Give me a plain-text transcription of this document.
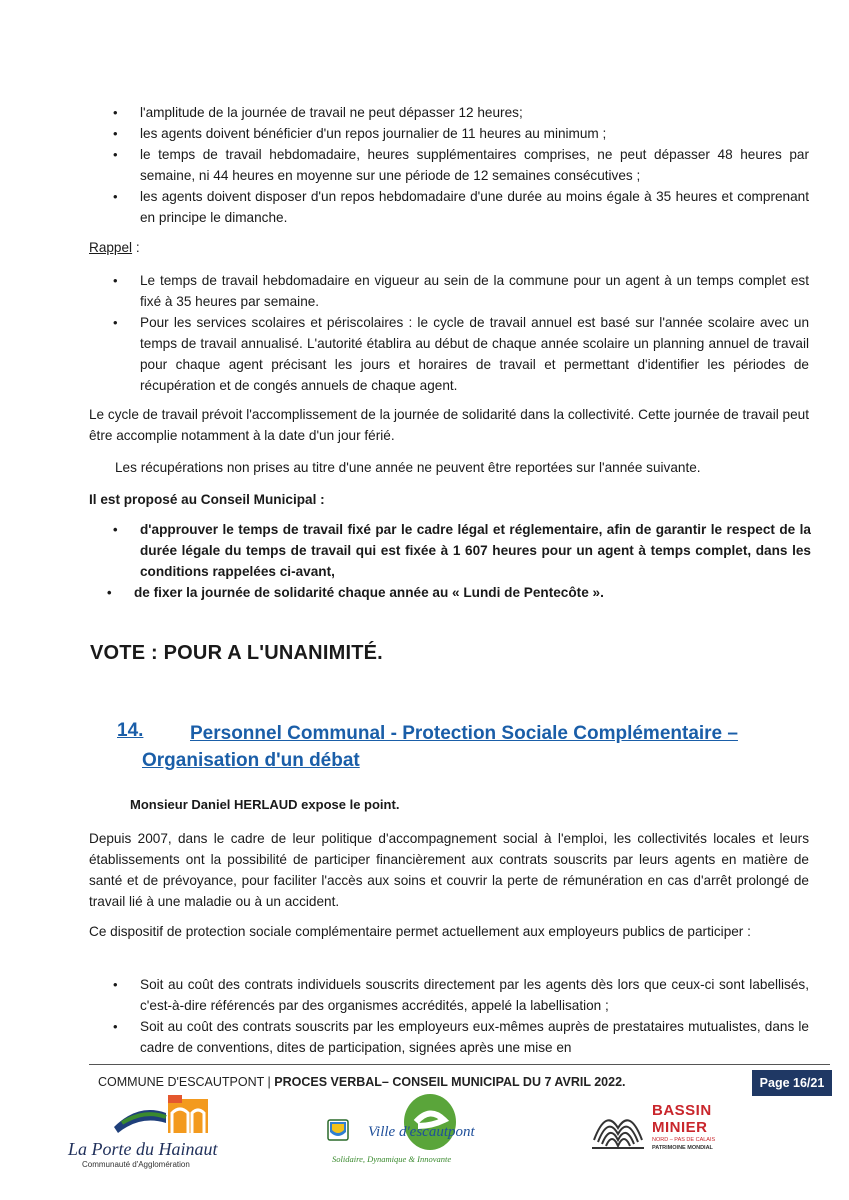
• l'amplitude de la journée de travail ne peut dépasser 12 heures;
• les agents doivent bénéficier d'un repos journalier de 11 heures au minimum ;
• le temps de travail hebdomadaire, heures supplémentaires comprises, ne peut dépasser 48 heures par semaine, ni 44 heures en moyenne sur une période de 12 semaines consécutives ;
• les agents doivent disposer d'un repos hebdomadaire d'une durée au moins égale à 35 heures et comprenant en principe le dimanche.
Rappel :
• Le temps de travail hebdomadaire en vigueur au sein de la commune pour un agent à un temps complet est fixé à 35 heures par semaine.
• Pour les services scolaires et périscolaires : le cycle de travail annuel est basé sur l'année scolaire avec un temps de travail annualisé. L'autorité établira au début de chaque année scolaire un planning annuel de travail pour chaque agent précisant les jours et horaires de travail et permettant d'identifier les périodes de récupération et de congés annuels de chaque agent.

Le cycle de travail prévoit l'accomplissement de la journée de solidarité dans la collectivité. Cette journée de travail peut être accomplie notamment à la date d'un jour férié.

Les récupérations non prises au titre d'une année ne peuvent être reportées sur l'année suivante.

Il est proposé au Conseil Municipal :

• d'approuver le temps de travail fixé par le cadre légal et réglementaire, afin de garantir le respect de la durée légale du temps de travail qui est fixée à 1 607 heures pour un agent à temps complet, dans les conditions rappelées ci-avant,
• de fixer la journée de solidarité chaque année au « Lundi de Pentecôte ».
VOTE : POUR A L'UNANIMITÉ.
14.	Personnel Communal - Protection Sociale Complémentaire –
Organisation d'un débat
Monsieur Daniel HERLAUD expose le point.

Depuis 2007, dans le cadre de leur politique d'accompagnement social à l'emploi, les collectivités locales et leurs établissements ont la possibilité de participer financièrement aux contrats souscrits par leurs agents en matière de santé et de prévoyance, pour faciliter l'accès aux soins et couvrir la perte de rémunération en cas d'arrêt prolongé de travail lié à une maladie ou à un accident.

Ce dispositif de protection sociale complémentaire permet actuellement aux employeurs publics de participer :

• Soit au coût des contrats individuels souscrits directement par les agents dès lors que ceux-ci sont labellisés, c'est-à-dire référencés par des organismes accrédités, appelé la labellisation ;
• Soit au coût des contrats souscrits par les employeurs eux-mêmes auprès de prestataires mutualistes, dans le cadre de conventions, dites de participation, signées après une mise en
COMMUNE D'ESCAUTPONT | PROCES VERBAL– CONSEIL MUNICIPAL DU 7 AVRIL 2022.	Page 16/21
La Porte du Hainaut
Communauté d'Agglomération
Ville d'escautpont
Solidaire, Dynamique & Innovante
BASSIN
MINIER
NORD – PAS DE CALAIS
PATRIMOINE MONDIAL
